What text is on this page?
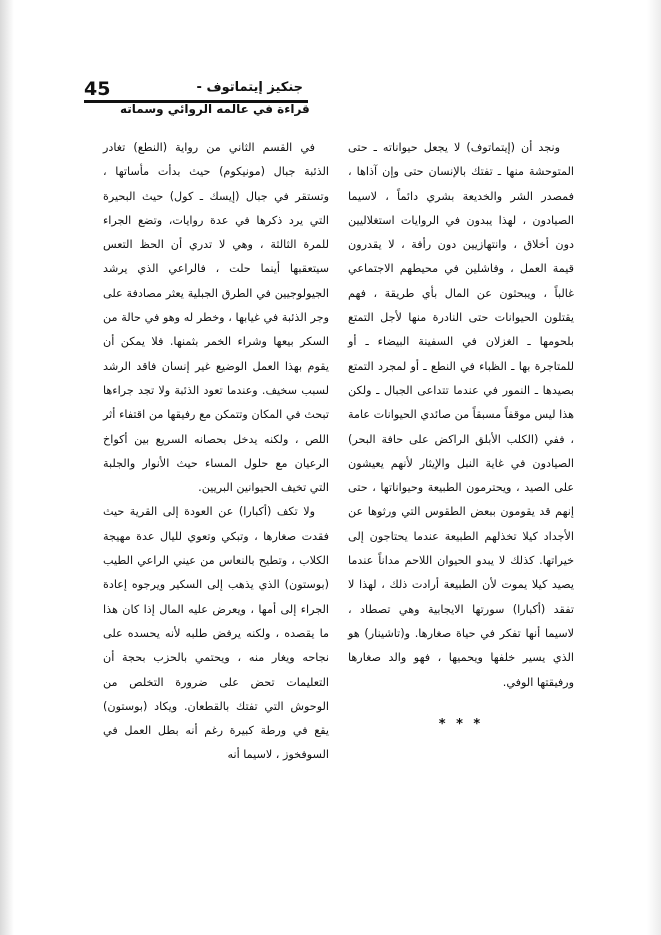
45	جنكيز إيتماتوف -
قراءة في عالمه الروائي وسماته

ونجد أن (إيتماتوف) لا يجعل حيواناته ـ حتى المتوحشة منها ـ تفتك بالإنسان حتى وإن آذاها ، فمصدر الشر والخديعة بشري دائماً ، لاسيما الصيادون ، لهذا يبدون في الروايات استغلاليين دون أخلاق ، وانتهازيين دون رأفة ، لا يقدرون قيمة العمل ، وفاشلين في محيطهم الاجتماعي غالباً ، ويبحثون عن المال بأي طريقة ، فهم يقتلون الحيوانات حتى النادرة منها لأجل التمتع بلحومها ـ الغزلان في السفينة البيضاء ـ أو للمتاجرة بها ـ الظباء في النطع ـ أو لمجرد التمتع بصيدها ـ النمور في عندما تتداعى الجبال ـ ولكن هذا ليس موقفاً مسبقاً من صائدي الحيوانات عامة ، ففي (الكلب الأبلق الراكض على حافة البحر) الصيادون في غاية النبل والإيثار لأنهم يعيشون على الصيد ، ويحترمون الطبيعة وحيواناتها ، حتى إنهم قد يقومون ببعض الطقوس التي ورثوها عن الأجداد كيلا تخذلهم الطبيعة عندما يحتاجون إلى خيراتها. كذلك لا يبدو الحيوان اللاحم مداناً عندما يصيد كيلا يموت لأن الطبيعة أرادت ذلك ، لهذا لا تفقد (أكبارا) سورتها الايجابية وهي تصطاد ، لاسيما أنها تفكر في حياة صغارها. و(تاشينار) هو الذي يسير خلفها ويحميها ، فهو والد صغارها ورفيقتها الوفي.

* * *

في القسم الثاني من رواية (النطع) تغادر الذئبة جبال (مونيكوم) حيث بدأت مأساتها ، وتستقر في جبال (إيسك ـ كول) حيث البحيرة التي يرد ذكرها في عدة روايات، وتضع الجراء للمرة الثالثة ، وهي لا تدري أن الحظ التعس سيتعقبها أينما حلت ، فالراعي الذي يرشد الجيولوجيين في الطرق الجبلية يعثر مصادفة على وجر الذئبة في غيابها ، وخطر له وهو في حالة من السكر بيعها وشراء الخمر بثمنها. فلا يمكن أن يقوم بهذا العمل الوضيع غير إنسان فاقد الرشد لسبب سخيف. وعندما تعود الذئبة ولا تجد جراءها تبحث في المكان وتتمكن مع رفيقها من اقتفاء أثر اللص ، ولكنه يدخل بحصانه السريع بين أكواخ الرعيان مع حلول المساء حيث الأنوار والجلبة التي تخيف الحيوانين البريين.

ولا تكف (أكبارا) عن العودة إلى القرية حيث فقدت صغارها ، وتبكي وتعوي لليال عدة مهيجة الكلاب ، وتطيح بالنعاس من عيني الراعي الطيب (بوستون) الذي يذهب إلى السكير ويرجوه إعادة الجراء إلى أمها ، ويعرض عليه المال إذا كان هذا ما يقصده ، ولكنه يرفض طلبه لأنه يحسده على نجاحه ويغار منه ، ويحتمي بالحزب بحجة أن التعليمات تحض على ضرورة التخلص من الوحوش التي تفتك بالقطعان. ويكاد (بوستون) يقع في ورطة كبيرة رغم أنه بطل العمل في السوفخوز ، لاسيما أنه
